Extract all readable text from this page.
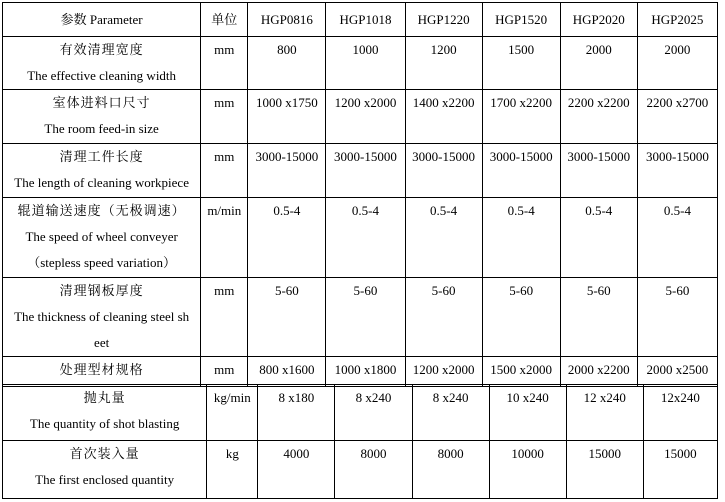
参数 Parameter	单位	HGP0816	HGP1018	HGP1220	HGP1520	HGP2020	HGP2025

有效清理宽度
The effective cleaning width	mm	800	1000	1200	1500	2000	2000

室体进料口尺寸
The room feed-in size	mm	1000 x1750	1200 x2000	1400 x2200	1700 x2200	2200 x2200	2200 x2700

清理工件长度
The length of cleaning workpiece	mm	3000-15000	3000-15000	3000-15000	3000-15000	3000-15000	3000-15000

辊道输送速度（无极调速）
The speed of wheel conveyer
（stepless speed variation）	m/min	0.5-4	0.5-4	0.5-4	0.5-4	0.5-4	0.5-4

清理钢板厚度
The thickness of cleaning steel sh
eet	mm	5-60	5-60	5-60	5-60	5-60	5-60

处理型材规格	mm	800 x1600	1000 x1800	1200 x2000	1500 x2000	2000 x2200	2000 x2500
抛丸量
The quantity of shot blasting	kg/min	8 x180	8 x240	8 x240	10 x240	12 x240	12x240

首次装入量
The first enclosed quantity	kg	4000	8000	8000	10000	15000	15000
